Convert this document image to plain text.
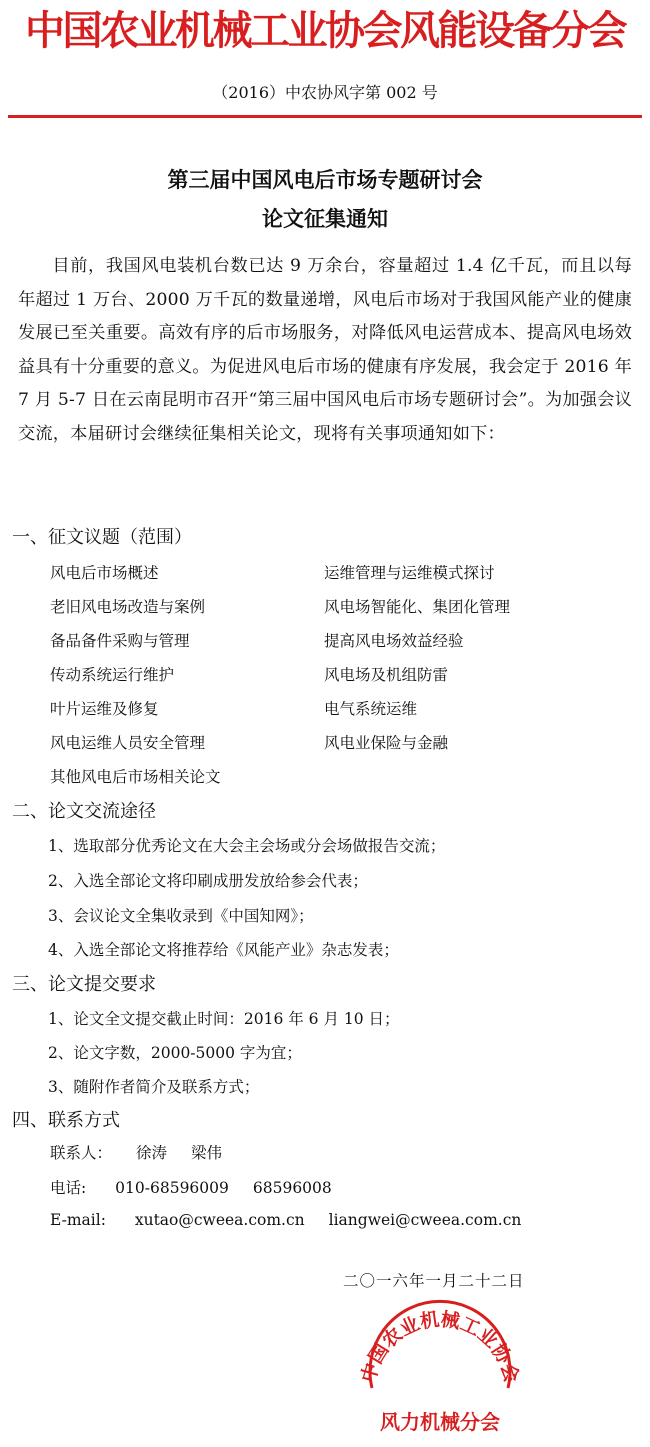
中国农业机械工业协会风能设备分会
（2016）中农协风字第 002 号
第三届中国风电后市场专题研讨会
论文征集通知
目前，我国风电装机台数已达 9 万余台，容量超过 1.4 亿千瓦，而且以每年超过 1 万台、2000 万千瓦的数量递增，风电后市场对于我国风能产业的健康发展已至关重要。高效有序的后市场服务，对降低风电运营成本、提高风电场效益具有十分重要的意义。为促进风电后市场的健康有序发展，我会定于 2016 年 7 月 5-7 日在云南昆明市召开“第三届中国风电后市场专题研讨会”。为加强会议交流，本届研讨会继续征集相关论文，现将有关事项通知如下：
一、征文议题（范围）
风电后市场概述
老旧风电场改造与案例
备品备件采购与管理
传动系统运行维护
叶片运维及修复
风电运维人员安全管理
其他风电后市场相关论文
运维管理与运维模式探讨
风电场智能化、集团化管理
提高风电场效益经验
风电场及机组防雷
电气系统运维
风电业保险与金融
二、论文交流途径
1、选取部分优秀论文在大会主会场或分会场做报告交流；
2、入选全部论文将印刷成册发放给参会代表；
3、会议论文全集收录到《中国知网》；
4、入选全部论文将推荐给《风能产业》杂志发表；
三、论文提交要求
1、论文全文提交截止时间：2016 年 6 月 10 日；
2、论文字数，2000-5000 字为宜；
3、随附作者简介及联系方式；
四、联系方式
联系人： 徐涛 梁伟
电话: 010-68596009 68596008
E-mail: xutao@cweea.com.cn liangwei@cweea.com.cn
中国农业机械工业协会
风力机械分会
二〇一六年一月二十二日
